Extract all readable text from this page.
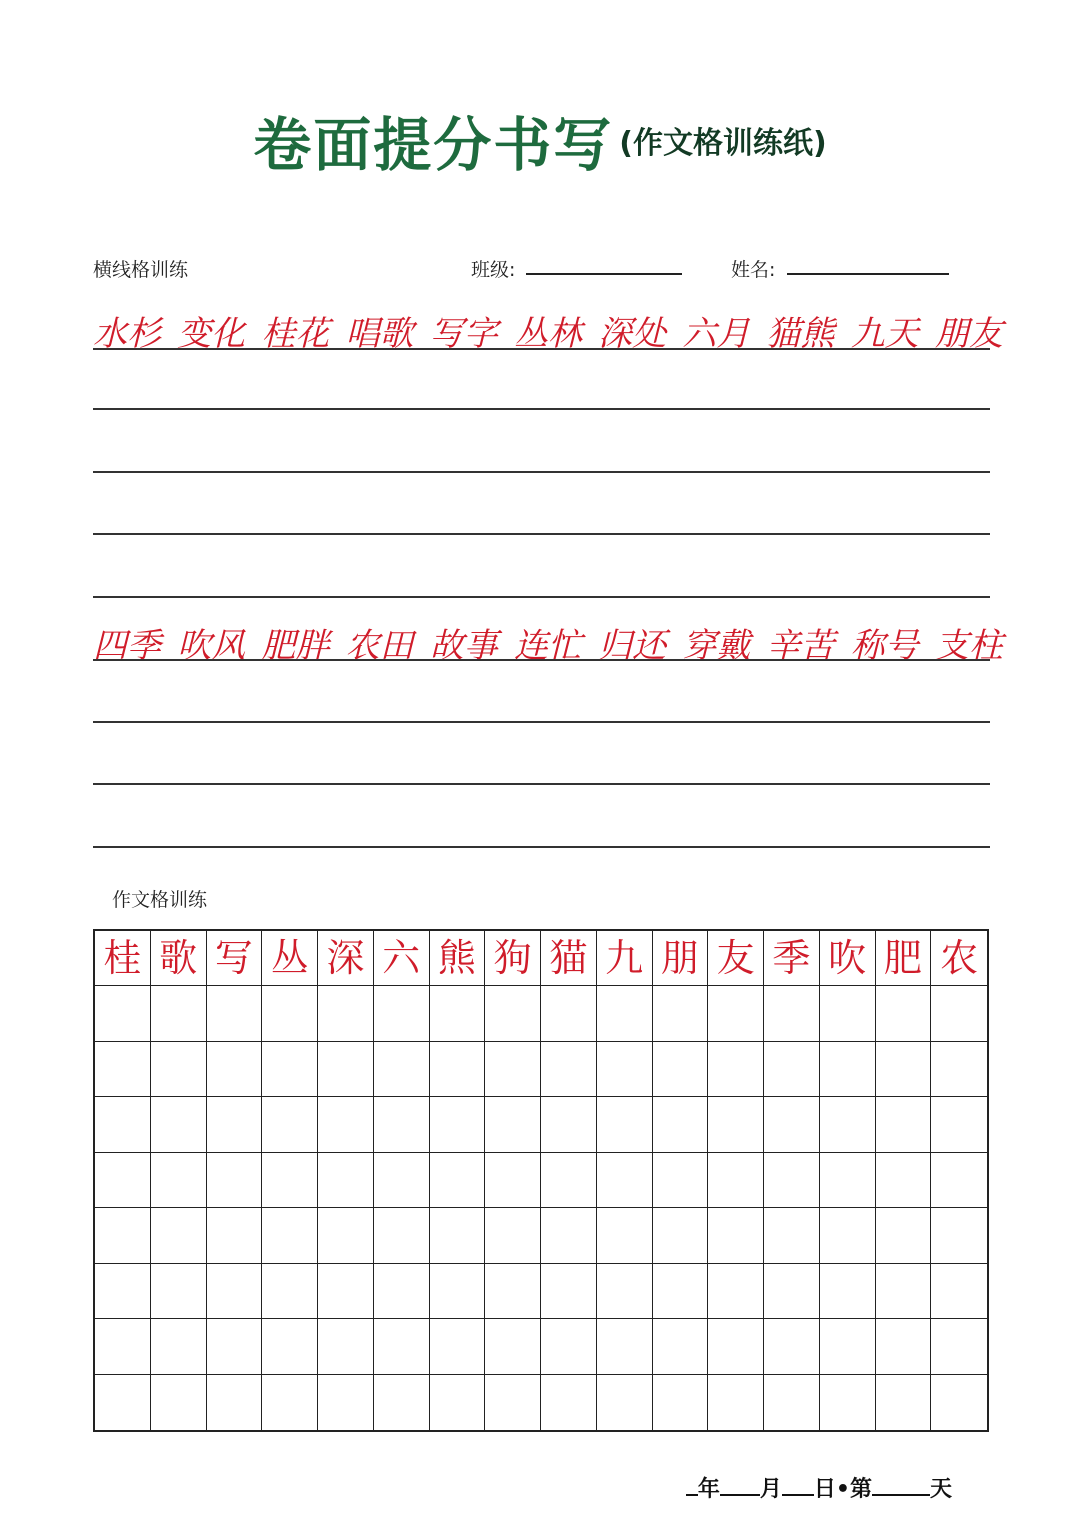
卷面提分书写 (作文格训练纸)
横线格训练	班级:	姓名:
水杉 变化 桂花 唱歌 写字 丛林 深处 六月 猫熊 九天 朋友
四季 吹风 肥胖 农田 故事 连忙 归还 穿戴 辛苦 称号 支柱
作文格训练
桂 歌 写 丛 深 六 熊 狗 猫 九 朋 友 季 吹 肥 农
年 月 日•第	天
